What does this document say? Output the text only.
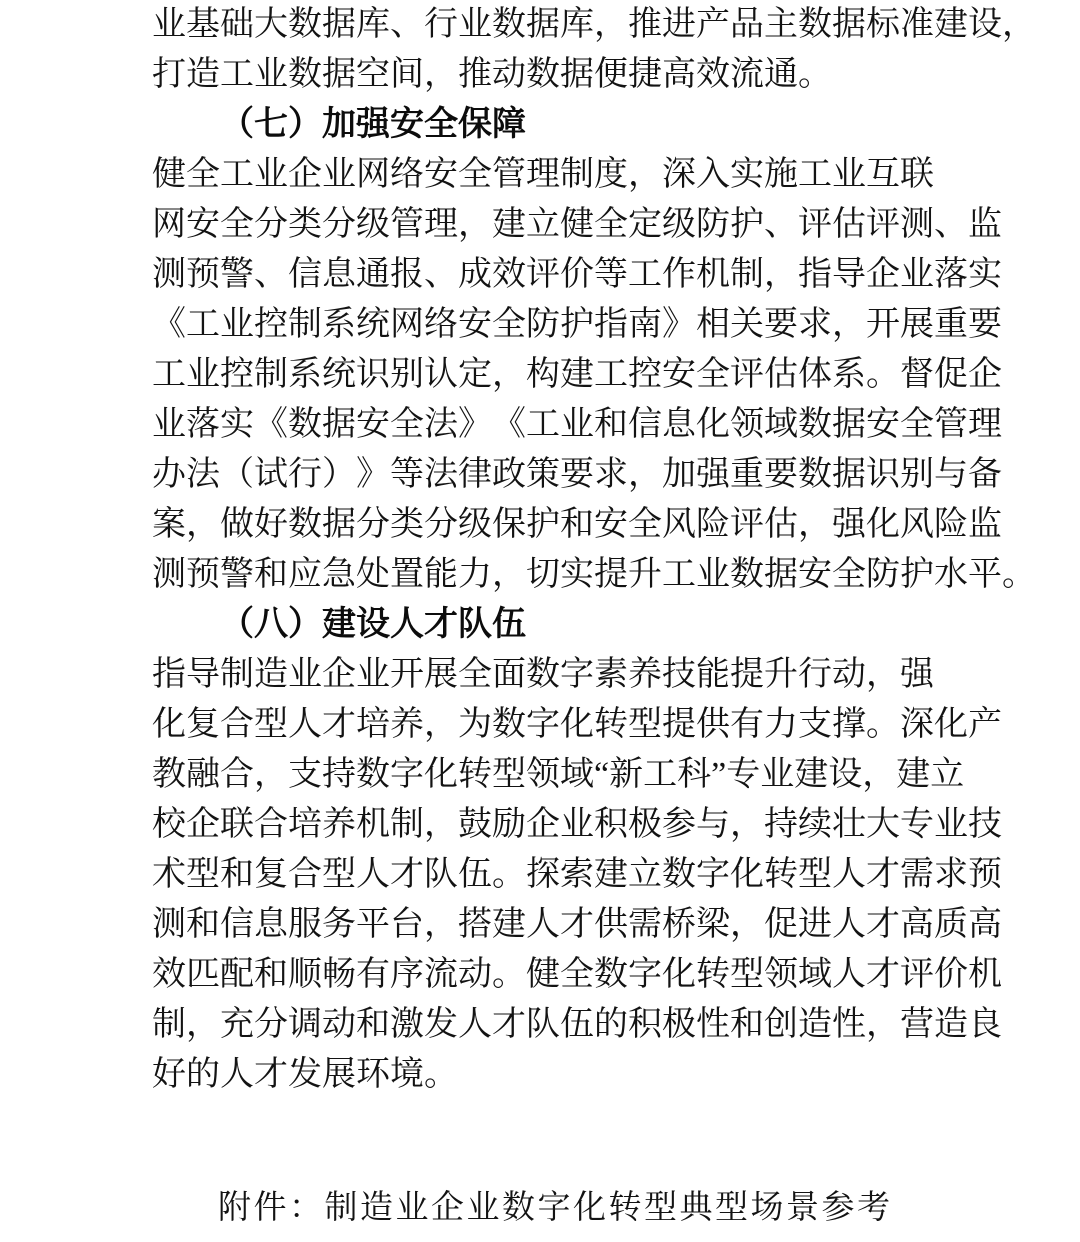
业 基 础 大 数 据 库 、 行 业 数 据 库 ， 推 进 产 品 主 数 据 标 准 建 设 ，
打造工业数据空间，推动数据便捷高效流通。
（七）加强安全保障
健 全 工 业 企 业 网 络 安 全 管 理 制 度 ， 深 入 实 施 工 业 互 联
网 安 全 分 类 分 级 管 理 ， 建 立 健 全 定 级 防 护 、 评 估 评 测 、 监
测 预 警 、 信 息 通 报 、 成 效 评 价 等 工 作 机 制 ， 指 导 企 业 落 实
《 工 业 控 制 系 统 网 络 安 全 防 护 指 南 》 相 关 要 求 ， 开 展 重 要
工 业 控 制 系 统 识 别 认 定 ， 构 建 工 控 安 全 评 估 体 系 。 督 促 企
业 落 实 《 数 据 安 全 法 》 《 工 业 和 信 息 化 领 域 数 据 安 全 管 理
办 法 （ 试 行 ） 》 等 法 律 政 策 要 求 ， 加 强 重 要 数 据 识 别 与 备
案 ， 做 好 数 据 分 类 分 级 保 护 和 安 全 风 险 评 估 ， 强 化 风 险 监
测预警和应急处置能力，切实提升工业数据安全防护水平。
（八）建设人才队伍
指 导 制 造 业 企 业 开 展 全 面 数 字 素 养 技 能 提 升 行 动 ， 强
化 复 合 型 人 才 培 养 ， 为 数 字 化 转 型 提 供 有 力 支 撑 。 深 化 产
教 融 合 ， 支 持 数 字 化 转 型 领 域 “ 新 工 科 ” 专 业 建 设 ， 建 立
校 企 联 合 培 养 机 制 ， 鼓 励 企 业 积 极 参 与 ， 持 续 壮 大 专 业 技
术 型 和 复 合 型 人 才 队 伍 。 探 索 建 立 数 字 化 转 型 人 才 需 求 预
测 和 信 息 服 务 平 台 ， 搭 建 人 才 供 需 桥 梁 ， 促 进 人 才 高 质 高
效 匹 配 和 顺 畅 有 序 流 动 。 健 全 数 字 化 转 型 领 域 人 才 评 价 机
制 ， 充 分 调 动 和 激 发 人 才 队 伍 的 积 极 性 和 创 造 性 ， 营 造 良
好的人才发展环境。
附件：制造业企业数字化转型典型场景参考
